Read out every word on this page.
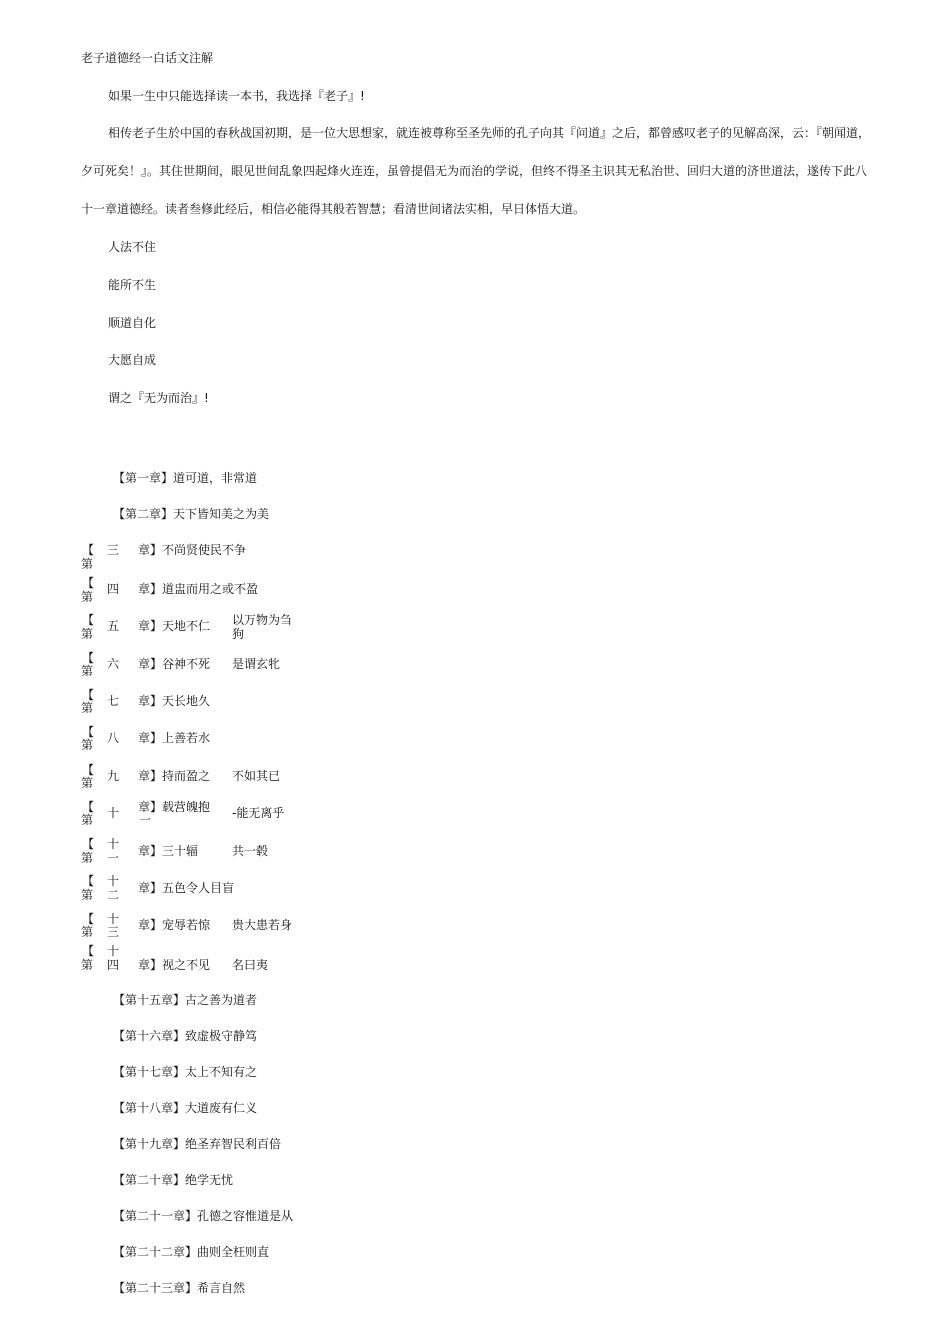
老子道德经一白话文注解
如果一生中只能选择读一本书，我选择『老子』!
相传老子生於中国的春秋战国初期，是一位大思想家，就连被尊称至圣先师的孔子向其『问道』之后，都曾感叹老子的见解高深，云：『朝闻道，
夕可死矣！』。其住世期间，眼见世间乱象四起烽火连连，虽曾提倡无为而治的学说，但终不得圣主识其无私治世、回归大道的济世道法，遂传下此八
十一章道德经。读者叁修此经后，相信必能得其般若智慧；看清世间诸法实相，早日体悟大道。
人法不住
能所不生
顺道自化
大愿自成
谓之『无为而治』!
【第一章】道可道，非常道
【第二章】天下皆知美之为美
【
第
三 章】 不尚贤使民不争
【
第
四 章】 道盅而用之或不盈
【
第
五 章】 天地不仁 以万物为刍
狗
【
第 六 章】 谷神不死 是谓玄牝
【
第 七 章】 天长地久
【
第 八 章】 上善若水
【
第 九 章】 持而盈之 不如其已
【
第 十 章】 载营魄抱
一	-能无离乎
【
第
十
一 章】 三十辐	共一毂
【
第
十
二 章】 五色令人目盲
【
第
十
三 章】 宠辱若惊 贵大患若身
【
第
十
四 章】 视之不见 名曰夷
【第十五章】古之善为道者
【第十六章】致虚极守静笃
【第十七章】太上不知有之
【第十八章】大道废有仁义
【第十九章】绝圣弃智民利百倍
【第二十章】绝学无忧
【第二十一章】孔德之容惟道是从
【第二十二章】曲则全枉则直
【第二十三章】希言自然
